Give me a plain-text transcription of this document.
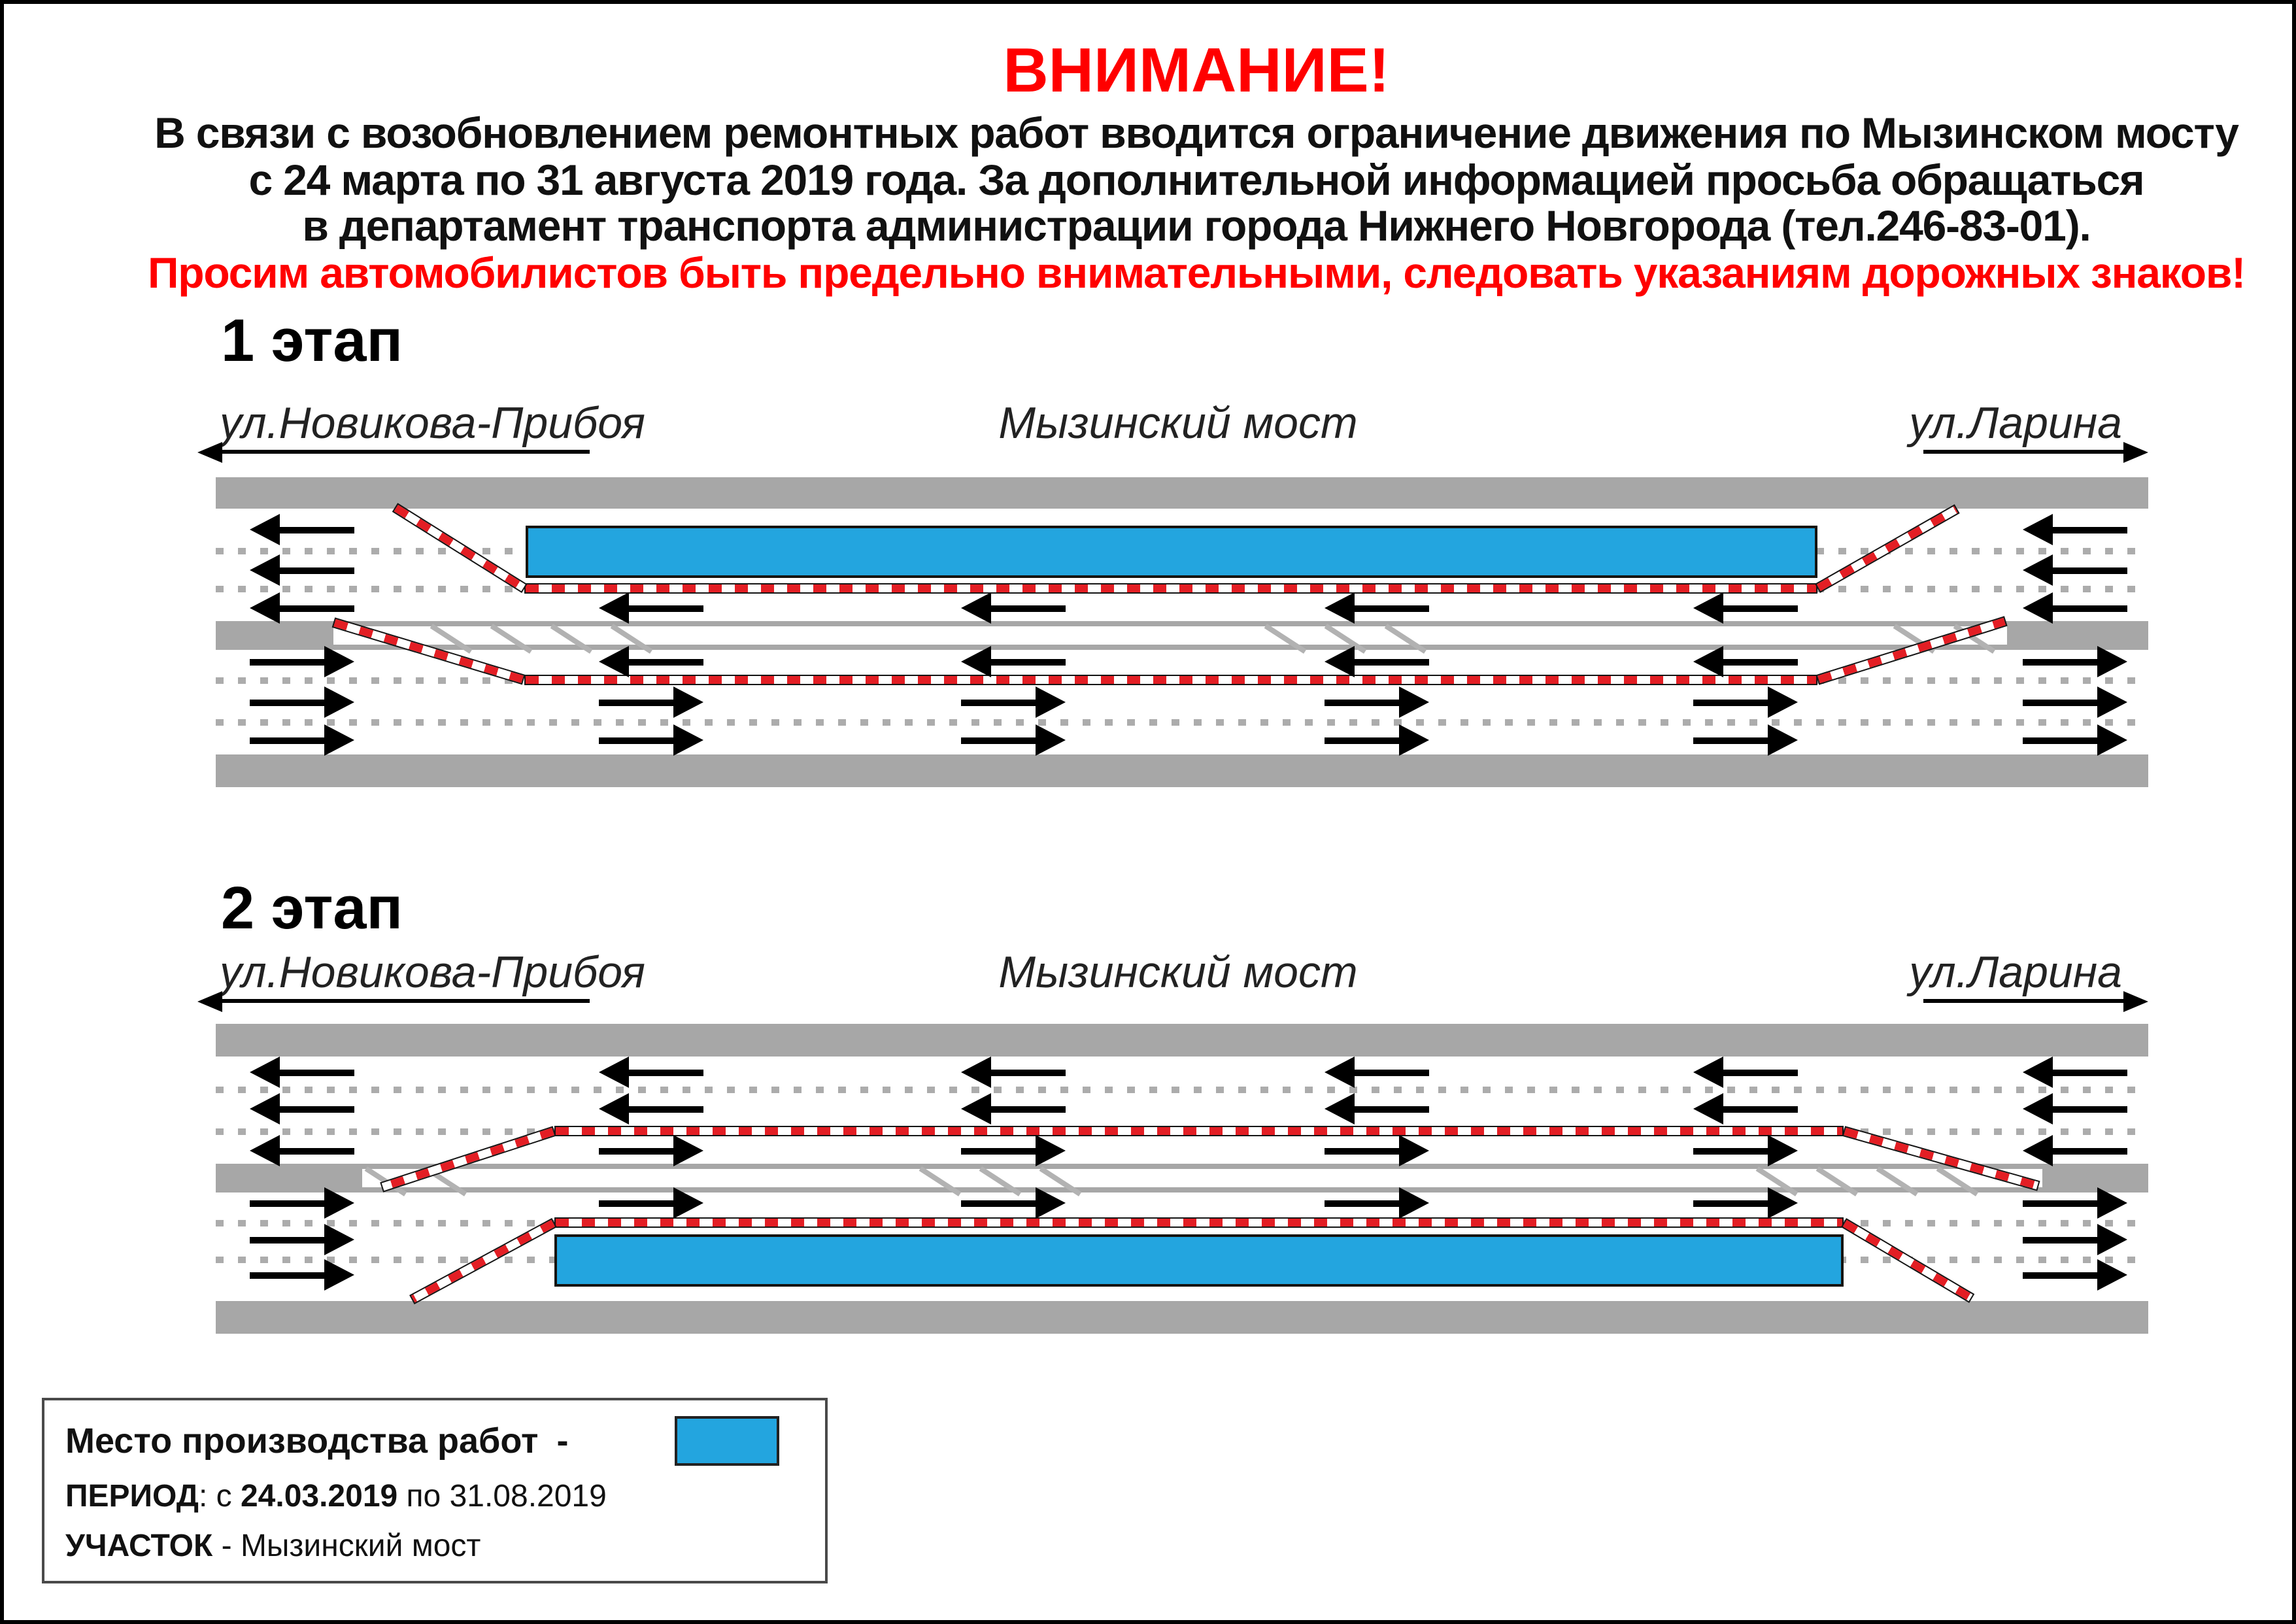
ВНИМАНИЕ!

В связи с возобновлением ремонтных работ вводится ограничение движения по Мызинском мосту

с 24 марта по 31 августа 2019 года. За дополнительной информацией просьба обращаться

в департамент транспорта администрации города Нижнего Новгорода (тел.246-83-01).

Просим автомобилистов быть предельно внимательными, следовать указаниям дорожных знаков!

1 этап
ул.Новикова-Прибоя	Мызинский мост	ул.Ларина
2 этап
ул.Новикова-Прибоя	Мызинский мост	ул.Ларина
Место производства работ -
ПЕРИОД: с 24.03.2019 по 31.08.2019
УЧАСТОК - Мызинский мост
